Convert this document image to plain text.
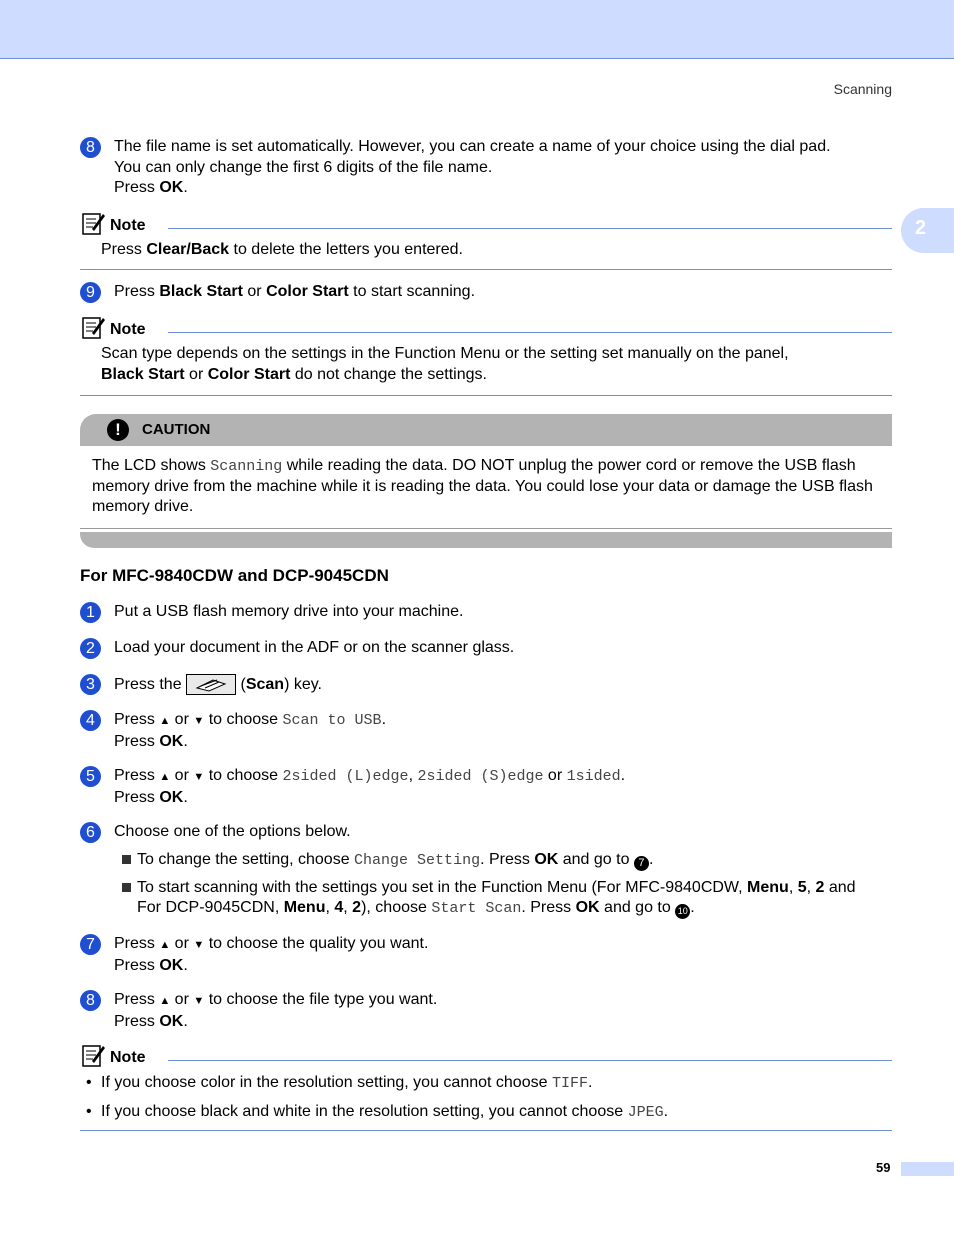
Scanning
2
8	The file name is set automatically. However, you can create a name of your choice using the dial pad.
You can only change the first 6 digits of the file name.
Press OK.
Note
Press Clear/Back to delete the letters you entered.
9	Press Black Start or Color Start to start scanning.
Note
Scan type depends on the settings in the Function Menu or the setting set manually on the panel,
Black Start or Color Start do not change the settings.
!	CAUTION
The LCD shows Scanning while reading the data. DO NOT unplug the power cord or remove the USB flash memory drive from the machine while it is reading the data. You could lose your data or damage the USB flash memory drive.
For MFC-9840CDW and DCP-9045CDN
1	Put a USB flash memory drive into your machine.
2	Load your document in the ADF or on the scanner glass.
3	Press the	(Scan) key.
4	Press ▲ or ▼ to choose Scan to USB.
Press OK.
5	Press ▲ or ▼ to choose 2sided (L)edge, 2sided (S)edge or 1sided.
Press OK.
6	Choose one of the options below.
To change the setting, choose Change Setting. Press OK and go to 7 .
To start scanning with the settings you set in the Function Menu (For MFC-9840CDW, Menu, 5, 2 and For DCP-9045CDN, Menu, 4, 2), choose Start Scan. Press OK and go to 10 .
7	Press ▲ or ▼ to choose the quality you want.
Press OK.
8	Press ▲ or ▼ to choose the file type you want.
Press OK.
Note
• If you choose color in the resolution setting, you cannot choose TIFF.
• If you choose black and white in the resolution setting, you cannot choose JPEG.
59
